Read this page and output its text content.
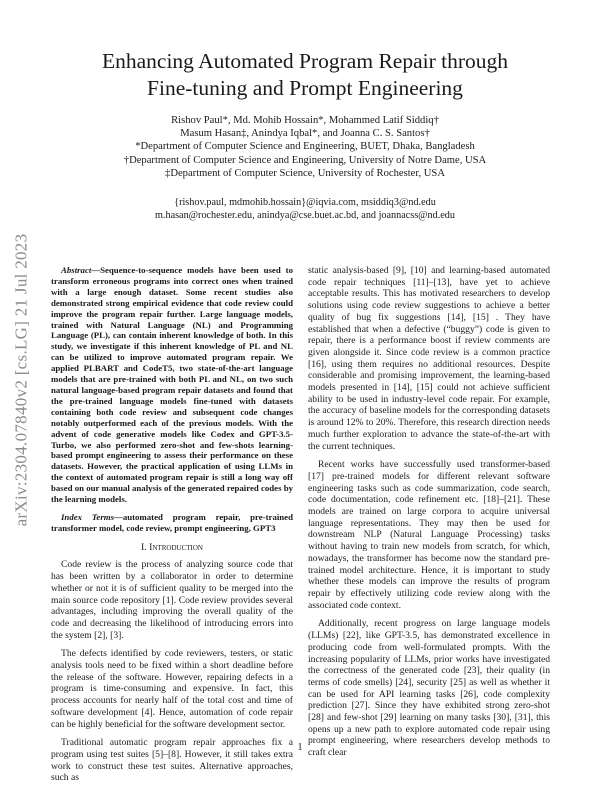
arXiv:2304.07840v2 [cs.LG] 21 Jul 2023
Enhancing Automated Program Repair through
Fine-tuning and Prompt Engineering
Rishov Paul*, Md. Mohib Hossain*, Mohammed Latif Siddiq†
Masum Hasan‡, Anindya Iqbal*, and Joanna C. S. Santos†
*Department of Computer Science and Engineering, BUET, Dhaka, Bangladesh
†Department of Computer Science and Engineering, University of Notre Dame, USA
‡Department of Computer Science, University of Rochester, USA
{rishov.paul, mdmohib.hossain}@iqvia.com, msiddiq3@nd.edu
m.hasan@rochester.edu, anindya@cse.buet.ac.bd, and joannacss@nd.edu

Abstract—Sequence-to-sequence models have been used to transform erroneous programs into correct ones when trained with a large enough dataset. Some recent studies also demonstrated strong empirical evidence that code review could improve the program repair further. Large language models, trained with Natural Language (NL) and Programming Language (PL), can contain inherent knowledge of both. In this study, we investigate if this inherent knowledge of PL and NL can be utilized to improve automated program repair. We applied PLBART and CodeT5, two state-of-the-art language models that are pre-trained with both PL and NL, on two such natural language-based program repair datasets and found that the pre-trained language models fine-tuned with datasets containing both code review and subsequent code changes notably outperformed each of the previous models. With the advent of code generative models like Codex and GPT-3.5-Turbo, we also performed zero-shot and few-shots learning-based prompt engineering to assess their performance on these datasets. However, the practical application of using LLMs in the context of automated program repair is still a long way off based on our manual analysis of the generated repaired codes by the learning models.

Index Terms—automated program repair, pre-trained transformer model, code review, prompt engineering, GPT3

I. Introduction

Code review is the process of analyzing source code that has been written by a collaborator in order to determine whether or not it is of sufficient quality to be merged into the main source code repository [1]. Code review provides several advantages, including improving the overall quality of the code and decreasing the likelihood of introducing errors into the system [2], [3].

The defects identified by code reviewers, testers, or static analysis tools need to be fixed within a short deadline before the release of the software. However, repairing defects in a program is time-consuming and expensive. In fact, this process accounts for nearly half of the total cost and time of software development [4]. Hence, automation of code repair can be highly beneficial for the software development sector.

Traditional automatic program repair approaches fix a program using test suites [5]–[8]. However, it still takes extra work to construct these test suites. Alternative approaches, such as

static analysis-based [9], [10] and learning-based automated code repair techniques [11]–[13], have yet to achieve acceptable results. This has motivated researchers to develop solutions using code review suggestions to achieve a better quality of bug fix suggestions [14], [15] . They have established that when a defective (“buggy”) code is given to repair, there is a performance boost if review comments are given alongside it. Since code review is a common practice [16], using them requires no additional resources. Despite considerable and promising improvement, the learning-based models presented in [14], [15] could not achieve sufficient ability to be used in industry-level code repair. For example, the accuracy of baseline models for the corresponding datasets is around 12% to 20%. Therefore, this research direction needs much further exploration to advance the state-of-the-art with the current techniques.

Recent works have successfully used transformer-based [17] pre-trained models for different relevant software engineering tasks such as code summarization, code search, code documentation, code refinement etc. [18]–[21]. These models are trained on large corpora to acquire universal language representations. They may then be used for downstream NLP (Natural Language Processing) tasks without having to train new models from scratch, for which, nowadays, the transformer has become now the standard pre-trained model architecture. Hence, it is important to study whether these models can improve the results of program repair by effectively utilizing code review along with the associated code context.

Additionally, recent progress on large language models (LLMs) [22], like GPT-3.5, has demonstrated excellence in producing code from well-formulated prompts. With the increasing popularity of LLMs, prior works have investigated the correctness of the generated code [23], their quality (in terms of code smells) [24], security [25] as well as whether it can be used for API learning tasks [26], code complexity prediction [27]. Since they have exhibited strong zero-shot [28] and few-shot [29] learning on many tasks [30], [31], this opens up a new path to explore automated code repair using prompt engineering, where researchers develop methods to craft clear

1
